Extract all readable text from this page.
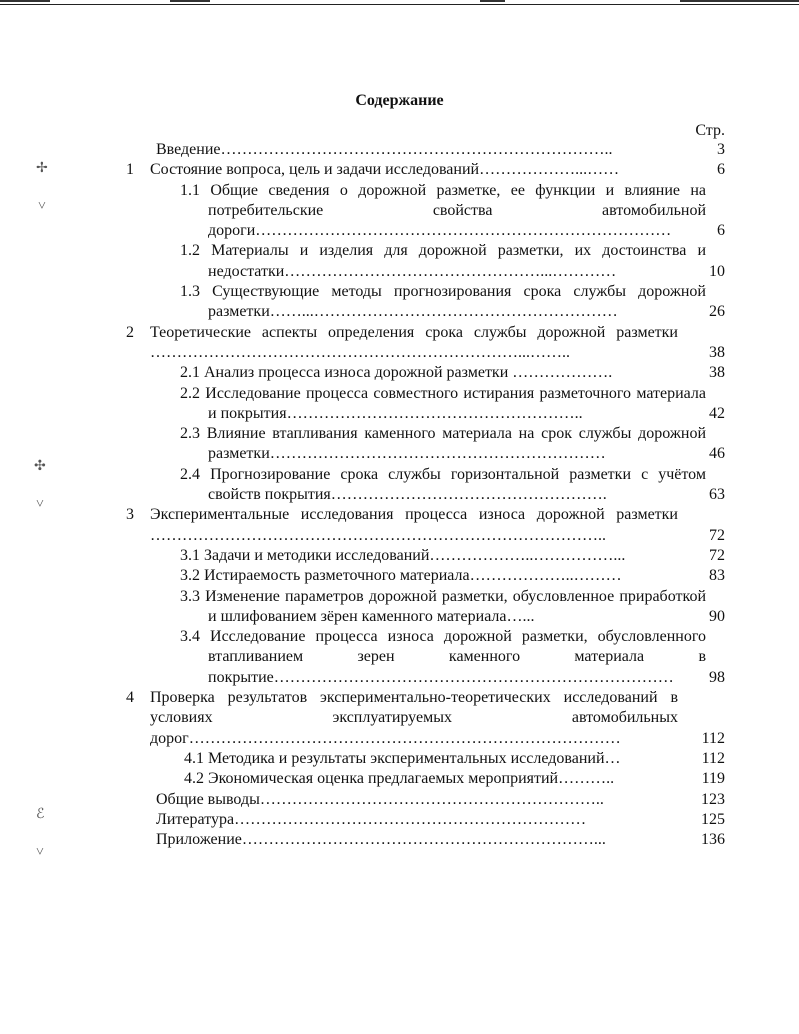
✢
˅
✣
˅
ℰ
˅
Содержание
Стр.
Введение………………………………………………………………..	3
1 Состояние вопроса, цель и задачи исследований………………...……	6
1.1 Общие сведения о дорожной разметке, ее функции и влияние на потребительские свойства автомобильной дороги……………………………………………………………………	6
1.2 Материалы и изделия для дорожной разметки, их достоинства и недостатки…………………………………………...…………	10
1.3 Существующие методы прогнозирования срока службы дорожной разметки……...…………………………………………………	26
2 Теоретические аспекты определения срока службы дорожной разметки ……………………………………………………………...……..	38
2.1 Анализ процесса износа дорожной разметки ……………….	38
2.2 Исследование процесса совместного истирания разметочного материала и покрытия………………………………………………..	42
2.3 Влияние втапливания каменного материала на срок службы дорожной разметки………………………………………………………	46
2.4 Прогнозирование срока службы горизонтальной разметки с учётом свойств покрытия…………………………………………….	63
3 Экспериментальные исследования процесса износа дорожной разметки …………………………………………………………………………..	72
3.1 Задачи и методики исследований………………..……………...	72
3.2 Истираемость разметочного материала………………..………	83
3.3 Изменение параметров дорожной разметки, обусловленное приработкой и шлифованием зёрен каменного материала…...	90
3.4 Исследование процесса износа дорожной разметки, обусловленного втапливанием зерен каменного материала в покрытие…………………………………………………………………	98
4 Проверка результатов экспериментально-теоретических исследований в условиях эксплуатируемых автомобильных дорог………………………………………………………………………	112
4.1 Методика и результаты экспериментальных исследований…	112
4.2 Экономическая оценка предлагаемых мероприятий………..	119
Общие выводы………………………………………………………..	123
Литература…………………………………………………………	125
Приложение…………………………………………………………...	136
